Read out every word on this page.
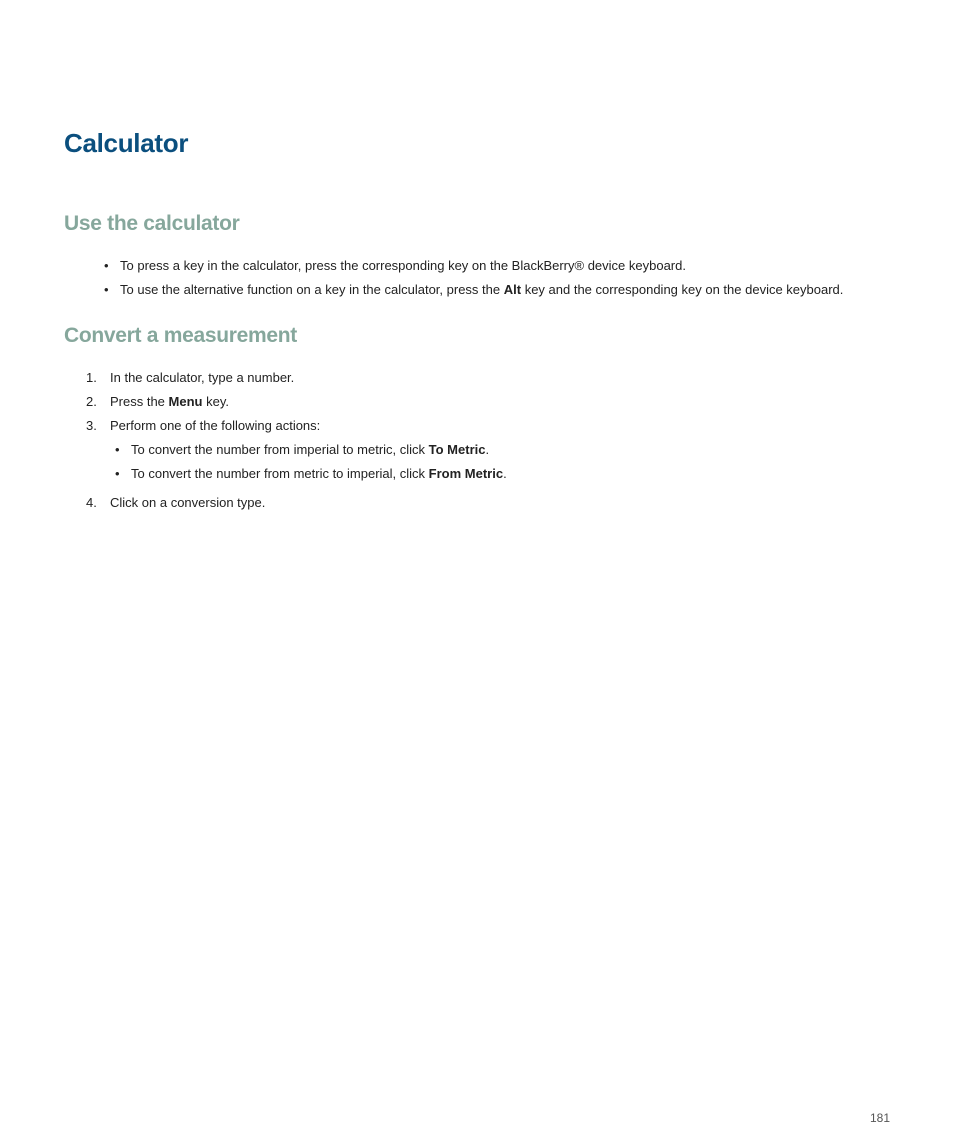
Calculator
Use the calculator
• To press a key in the calculator, press the corresponding key on the BlackBerry® device keyboard.
• To use the alternative function on a key in the calculator, press the Alt key and the corresponding key on the device keyboard.
Convert a measurement
1. In the calculator, type a number.
2. Press the Menu key.
3. Perform one of the following actions:
• To convert the number from imperial to metric, click To Metric.
• To convert the number from metric to imperial, click From Metric.
4. Click on a conversion type.
181
